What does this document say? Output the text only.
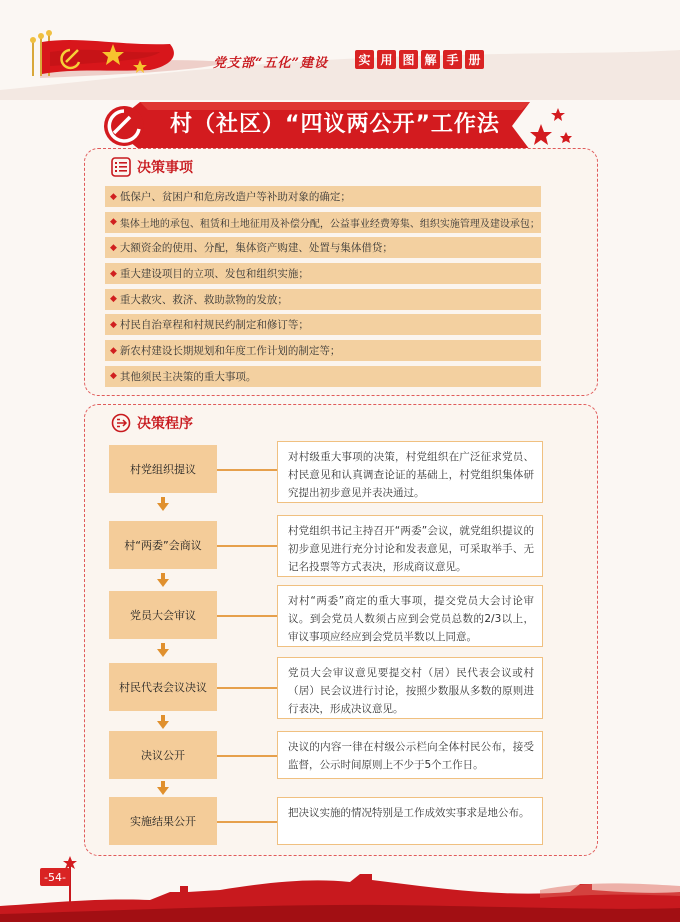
党支部“五化”建设	实 用 图 解 手 册
村（社区）“四议两公开”工作法
决策事项
◆ 低保户、贫困户和危房改造户等补助对象的确定；
◆ 集体土地的承包、租赁和土地征用及补偿分配，公益事业经费筹集、组织实施管理及建设承包；
◆ 大额资金的使用、分配，集体资产购建、处置与集体借贷；
◆ 重大建设项目的立项、发包和组织实施；
◆ 重大救灾、救济、救助款物的发放；
◆ 村民自治章程和村规民约制定和修订等；
◆ 新农村建设长期规划和年度工作计划的制定等；
◆ 其他须民主决策的重大事项。
决策程序
村党组织提议
对村级重大事项的决策，村党组织在广泛征求党员、村民意见和认真调查论证的基础上，村党组织集体研究提出初步意见并表决通过。
村“两委”会商议
村党组织书记主持召开“两委”会议，就党组织提议的初步意见进行充分讨论和发表意见，可采取举手、无记名投票等方式表决，形成商议意见。
党员大会审议
对村“两委”商定的重大事项，提交党员大会讨论审议。到会党员人数须占应到会党员总数的2/3以上，审议事项应经应到会党员半数以上同意。
村民代表会议决议
党员大会审议意见要提交村（居）民代表会议或村（居）民会议进行讨论，按照少数服从多数的原则进行表决，形成决议意见。
决议公开
决议的内容一律在村级公示栏向全体村民公布，接受监督，公示时间原则上不少于5个工作日。
实施结果公开
把决议实施的情况特别是工作成效实事求是地公布。
-54-
